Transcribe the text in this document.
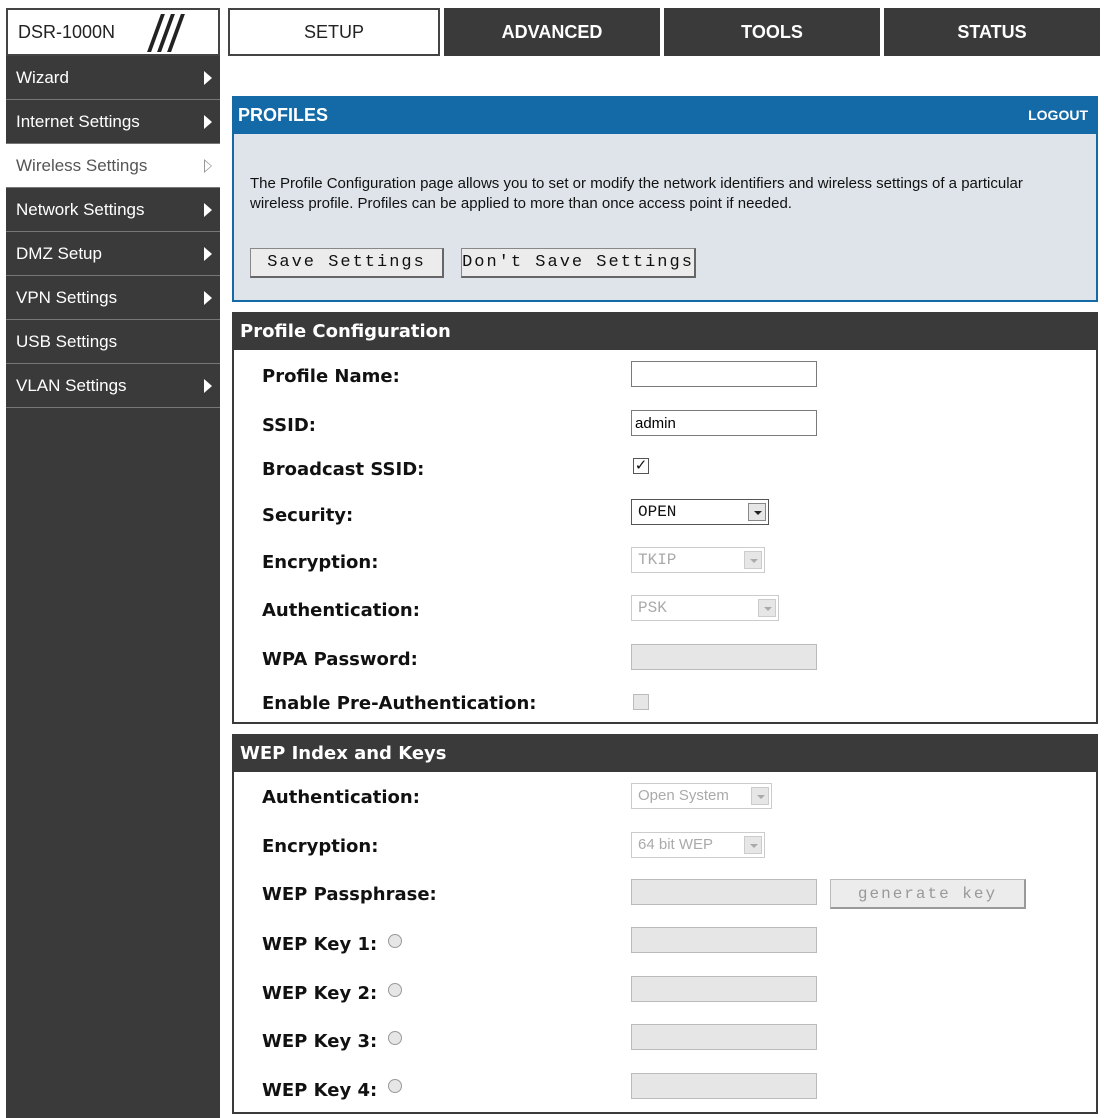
DSR-1000N	SETUP	ADVANCED	TOOLS	STATUS
Wizard
Internet Settings
Wireless Settings
Network Settings
DMZ Setup
VPN Settings
USB Settings
VLAN Settings
PROFILES	LOGOUT
The Profile Configuration page allows you to set or modify the network identifiers and wireless settings of a particular wireless profile. Profiles can be applied to more than once access point if needed.
Save Settings	Don't Save Settings
Profile Configuration
Profile Name:
SSID:
admin
Broadcast SSID:	✓
Security:	OPEN
Encryption:	TKIP
Authentication:	PSK
WPA Password:
Enable Pre-Authentication:
WEP Index and Keys
Authentication:	Open System
Encryption:	64 bit WEP
WEP Passphrase:	generate key
WEP Key 1:
WEP Key 2:
WEP Key 3:
WEP Key 4:
